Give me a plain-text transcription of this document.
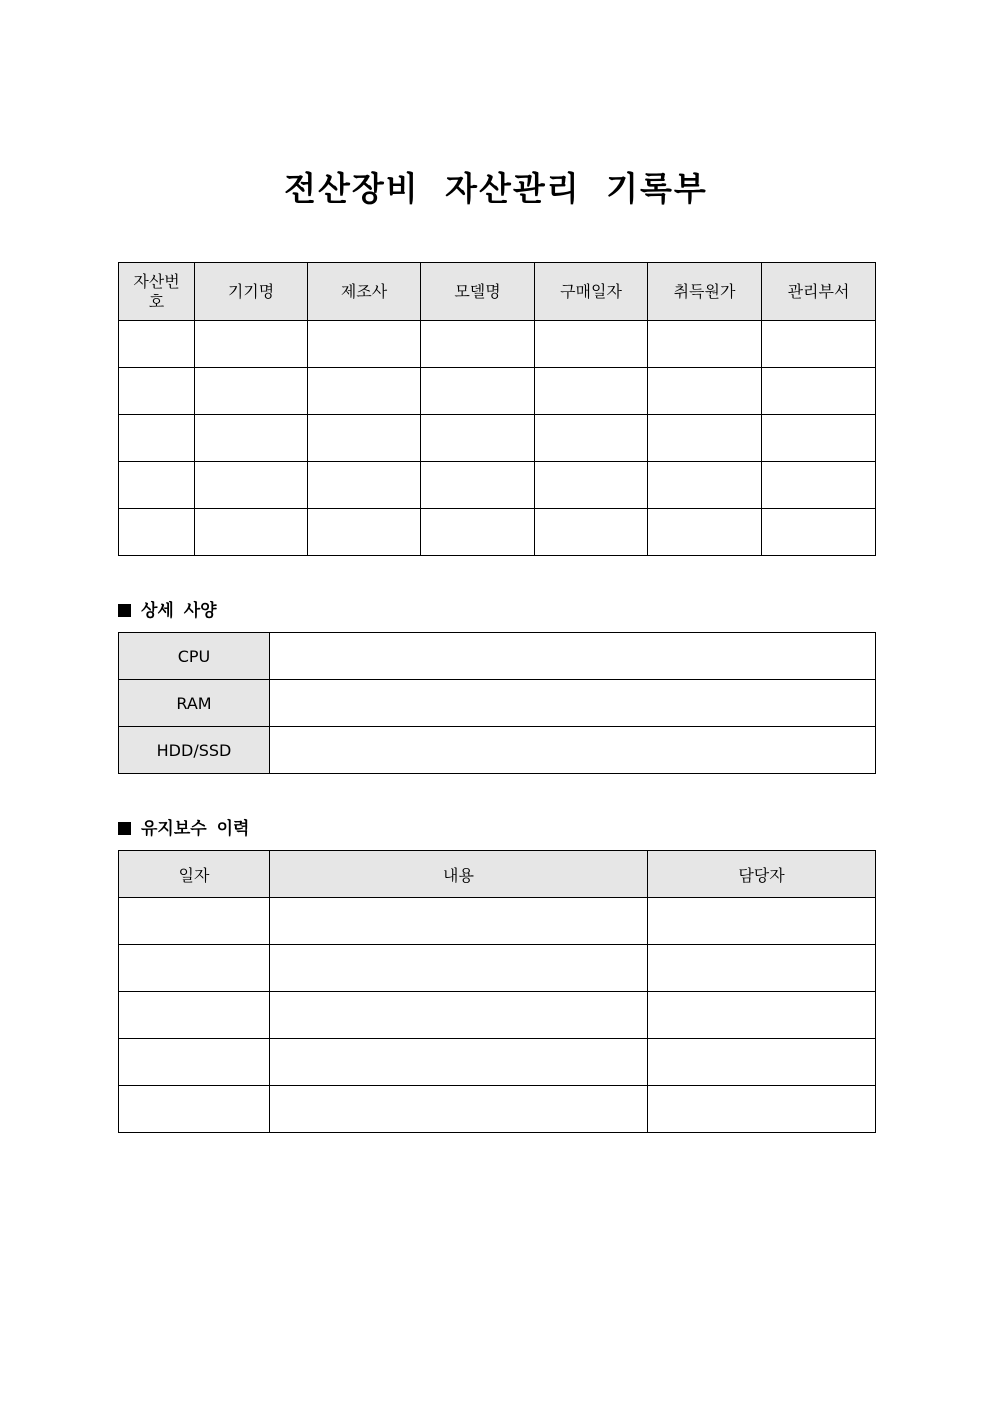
전산장비 자산관리 기록부
자산번호	기기명	제조사	모델명	구매일자	취득원가	관리부서

상세 사양
CPU	
RAM	
HDD/SSD	
유지보수 이력
일자	내용	담당자
